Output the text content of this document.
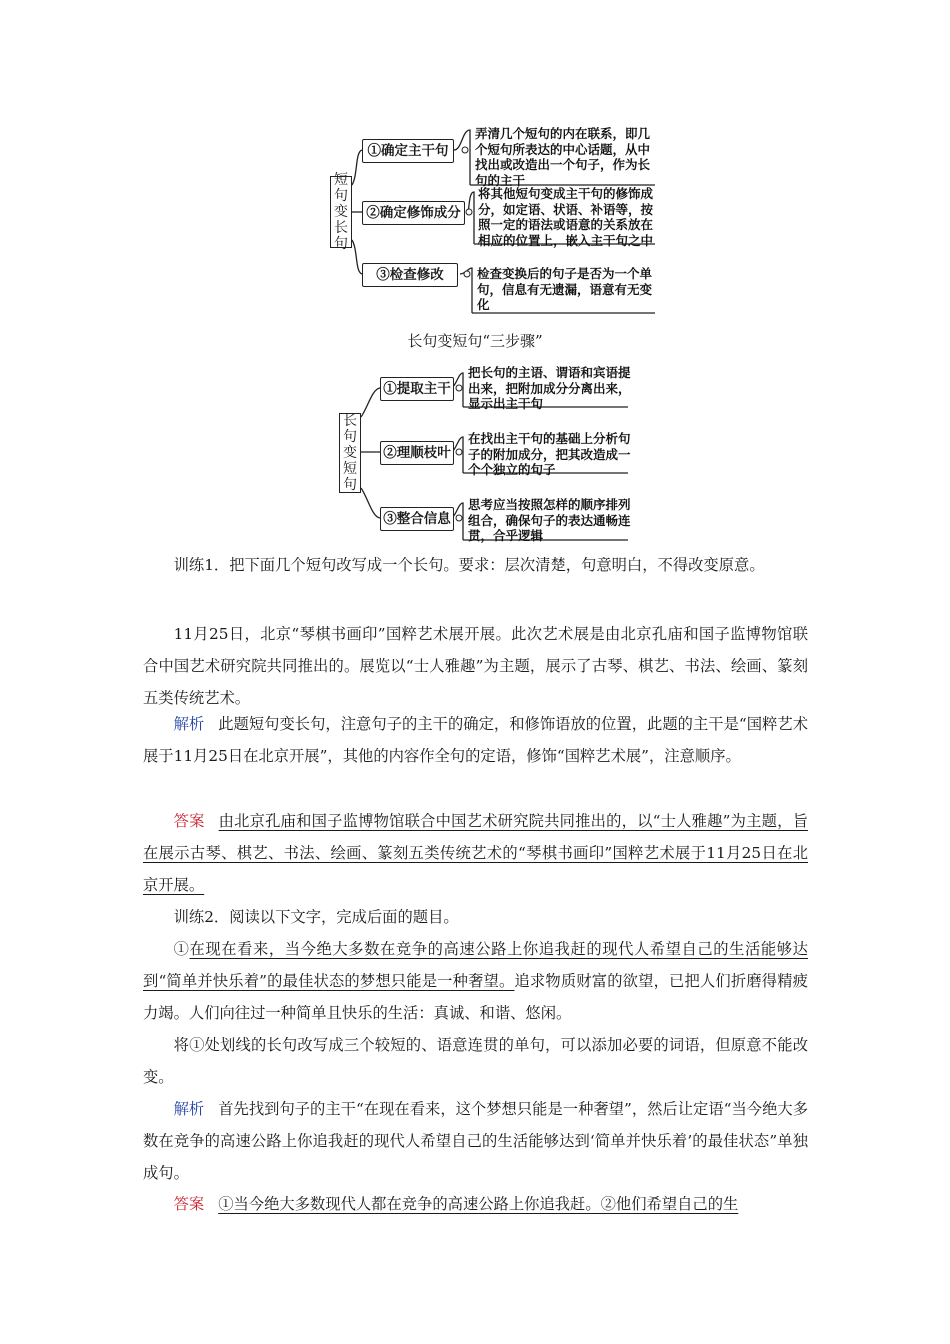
短句变长句
①确定主干句
②确定修饰成分
③检查修改
弄清几个短句的内在联系，即几个短句所表达的中心话题，从中找出或改造出一个句子，作为长句的主干
将其他短句变成主干句的修饰成分，如定语、状语、补语等，按照一定的语法或语意的关系放在相应的位置上，嵌入主干句之中
检查变换后的句子是否为一个单句，信息有无遗漏，语意有无变化
长句变短句“三步骤”
长句变短句
①提取主干
②理顺枝叶
③整合信息
把长句的主语、谓语和宾语提出来，把附加成分分离出来，显示出主干句
在找出主干句的基础上分析句子的附加成分，把其改造成一个个独立的句子
思考应当按照怎样的顺序排列组合，确保句子的表达通畅连贯，合乎逻辑

训练1．把下面几个短句改写成一个长句。要求：层次清楚，句意明白，不得改变原意。

11月25日，北京“琴棋书画印”国粹艺术展开展。此次艺术展是由北京孔庙和国子监博物馆联合中国艺术研究院共同推出的。展览以“士人雅趣”为主题，展示了古琴、棋艺、书法、绘画、篆刻五类传统艺术。

解析 此题短句变长句，注意句子的主干的确定，和修饰语放的位置，此题的主干是“国粹艺术展于11月25日在北京开展”，其他的内容作全句的定语，修饰“国粹艺术展”，注意顺序。

答案 由北京孔庙和国子监博物馆联合中国艺术研究院共同推出的，以“士人雅趣”为主题，旨在展示古琴、棋艺、书法、绘画、篆刻五类传统艺术的“琴棋书画印”国粹艺术展于11月25日在北京开展。

训练2．阅读以下文字，完成后面的题目。

①在现在看来，当今绝大多数在竞争的高速公路上你追我赶的现代人希望自己的生活能够达到“简单并快乐着”的最佳状态的梦想只能是一种奢望。追求物质财富的欲望，已把人们折磨得精疲力竭。人们向往过一种简单且快乐的生活：真诚、和谐、悠闲。

将①处划线的长句改写成三个较短的、语意连贯的单句，可以添加必要的词语，但原意不能改变。

解析 首先找到句子的主干“在现在看来，这个梦想只能是一种奢望”，然后让定语“当今绝大多数在竞争的高速公路上你追我赶的现代人希望自己的生活能够达到‘简单并快乐着’的最佳状态”单独成句。

答案 ①当今绝大多数现代人都在竞争的高速公路上你追我赶。②他们希望自己的生
